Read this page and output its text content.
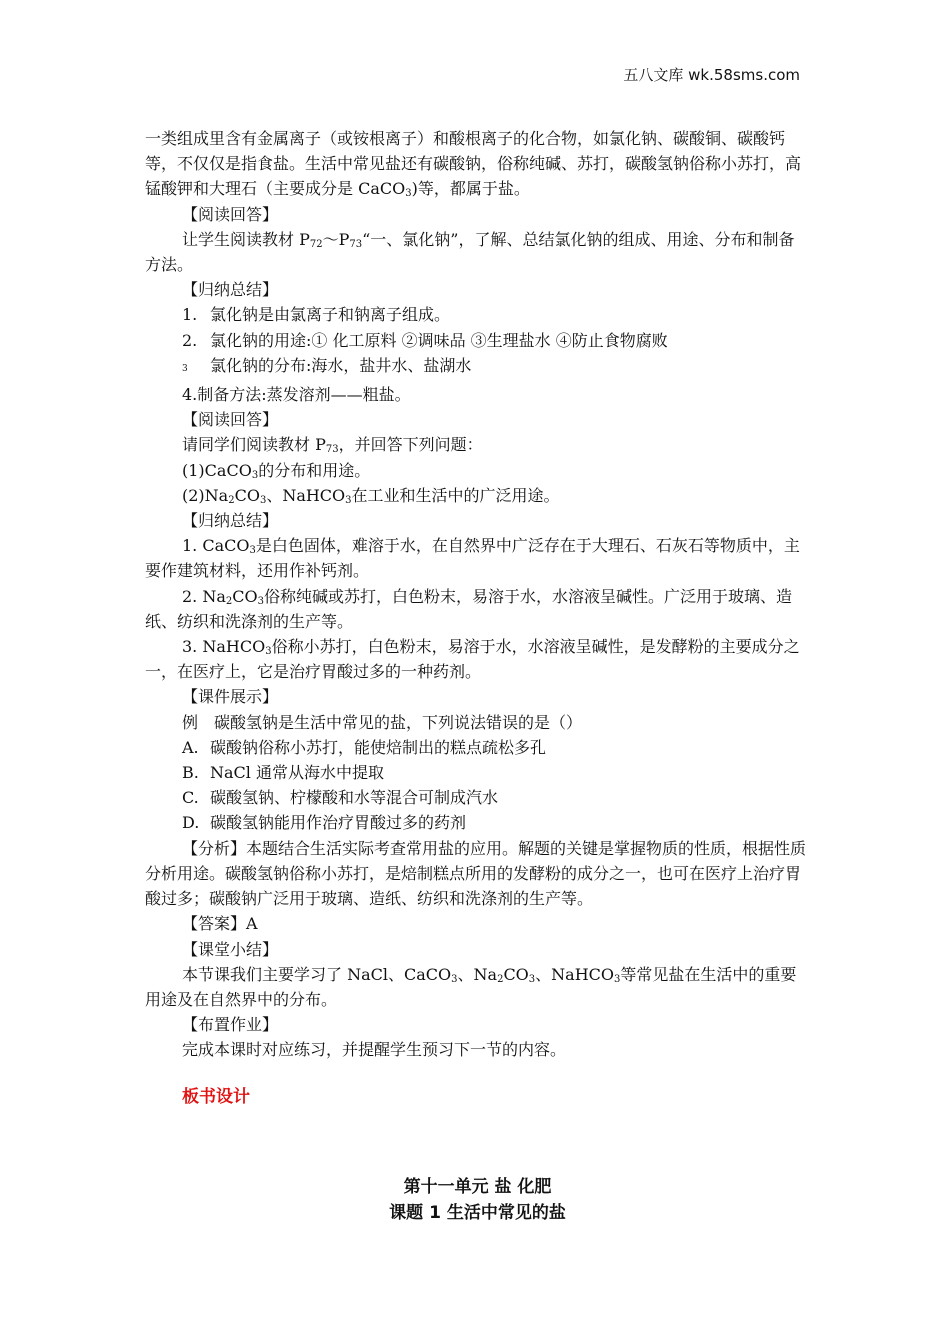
五八文库 wk.58sms.com

一类组成里含有金属离子（或铵根离子）和酸根离子的化合物，如氯化钠、碳酸铜、碳酸钙等，不仅仅是指食盐。生活中常见盐还有碳酸钠，俗称纯碱、苏打，碳酸氢钠俗称小苏打，高锰酸钾和大理石（主要成分是 CaCO$_3$)等，都属于盐。

【阅读回答】

让学生阅读教材 $P_{72}\sim P_{73}“$一、氯化钠”，了解、总结氯化钠的组成、用途、分布和制备方法。

【归纳总结】

1. 氯化钠是由氯离子和钠离子组成。

2. 氯化钠的用途:① 化工原料 ②调味品 ③生理盐水 ④防止食物腐败

3 氯化钠的分布:海水，盐井水、盐湖水

4.制备方法:蒸发溶剂——粗盐。

【阅读回答】

请同学们阅读教材 $P_{73}$，并回答下列问题：

(1)CaCO$_3$的分布和用途。

$(2)Na_2CO_3$、NaHCO$_3$在工业和生活中的广泛用途。

【归纳总结】

1. CaCO$_3$是白色固体，难溶于水，在自然界中广泛存在于大理石、石灰石等物质中，主要作建筑材料，还用作补钙剂。

2. $Na_2CO_3$俗称纯碱或苏打，白色粉末，易溶于水，水溶液呈碱性。广泛用于玻璃、造纸、纺织和洗涤剂的生产等。

3. NaHCO$_3$俗称小苏打，白色粉末，易溶于水，水溶液呈碱性，是发酵粉的主要成分之一，在医疗上，它是治疗胃酸过多的一种药剂。

【课件展示】

例　碳酸氢钠是生活中常见的盐，下列说法错误的是（）

A. 碳酸钠俗称小苏打，能使焙制出的糕点疏松多孔

B. NaCl 通常从海水中提取

C. 碳酸氢钠、柠檬酸和水等混合可制成汽水

D. 碳酸氢钠能用作治疗胃酸过多的药剂

【分析】本题结合生活实际考查常用盐的应用。解题的关键是掌握物质的性质，根据性质分析用途。碳酸氢钠俗称小苏打，是焙制糕点所用的发酵粉的成分之一，也可在医疗上治疗胃酸过多；碳酸钠广泛用于玻璃、造纸、纺织和洗涤剂的生产等。

【答案】A

【课堂小结】

本节课我们主要学习了 NaCl、CaCO$_3$、$Na_2CO_3$、NaHCO$_3$等常见盐在生活中的重要用途及在自然界中的分布。

【布置作业】

完成本课时对应练习，并提醒学生预习下一节的内容。

板书设计

第十一单元 盐 化肥
课题 1 生活中常见的盐
